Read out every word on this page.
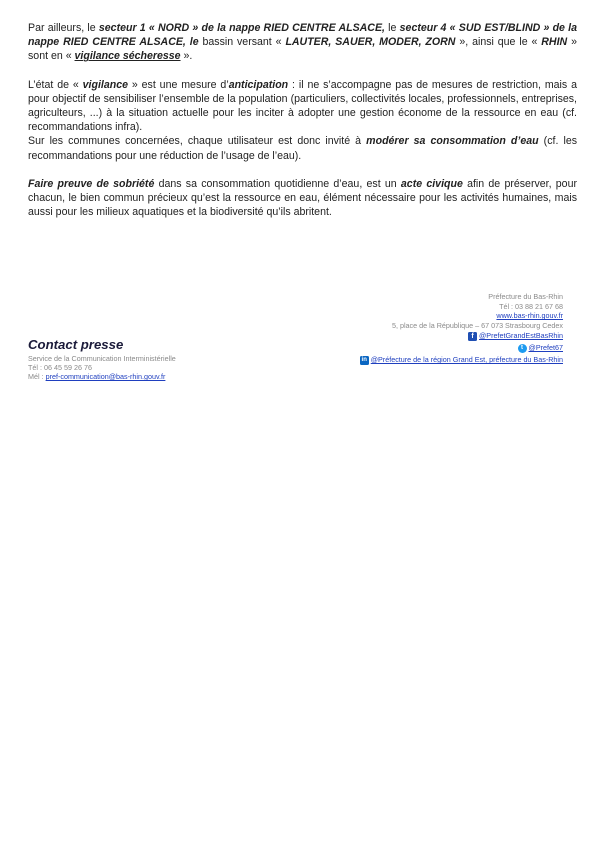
Par ailleurs, le secteur 1 « NORD » de la nappe RIED CENTRE ALSACE, le secteur 4 « SUD EST/BLIND » de la nappe RIED CENTRE ALSACE, le bassin versant « LAUTER, SAUER, MODER, ZORN », ainsi que le « RHIN » sont en « vigilance sécheresse ».

L’état de « vigilance » est une mesure d’anticipation : il ne s’accompagne pas de mesures de restriction, mais a pour objectif de sensibiliser l’ensemble de la population (particuliers, collectivités locales, professionnels, entreprises, agriculteurs, ...) à la situation actuelle pour les inciter à adopter une gestion économe de la ressource en eau (cf. recommandations infra).

Sur les communes concernées, chaque utilisateur est donc invité à modérer sa consommation d’eau (cf. les recommandations pour une réduction de l’usage de l’eau).

Faire preuve de sobriété dans sa consommation quotidienne d’eau, est un acte civique afin de préserver, pour chacun, le bien commun précieux qu’est la ressource en eau, élément nécessaire pour les activités humaines, mais aussi pour les milieux aquatiques et la biodiversité qu’ils abritent.

Préfecture du Bas-Rhin
Tél : 03 88 21 67 68
www.bas-rhin.gouv.fr
5, place de la République – 67 073 Strasbourg Cedex
f @PrefetGrandEstBasRhin
t @Prefet67
in @Préfecture de la région Grand Est, préfecture du Bas-Rhin
Contact presse
Service de la Communication Interministérielle
Tél : 06 45 59 26 76
Mél : pref-communication@bas-rhin.gouv.fr
